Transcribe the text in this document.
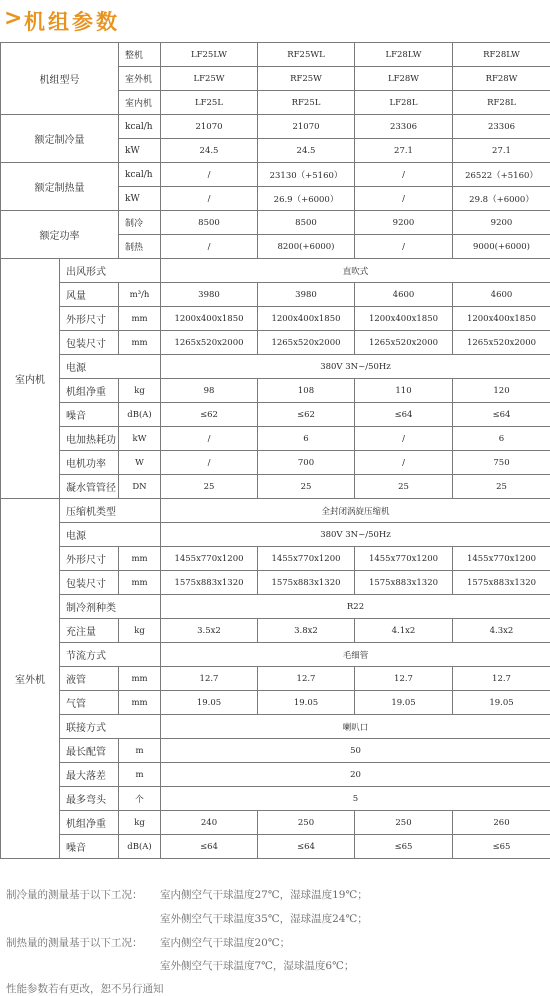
> 机组参数
机组型号		整机	LF25LW	RF25WL	LF28LW	RF28LW
		室外机	LF25W	RF25W	LF28W	RF28W
		室内机	LF25L	RF25L	LF28L	RF28L
额定制冷量		kcal/h	21070	21070	23306	23306
		kW	24.5	24.5	27.1	27.1
额定制热量		kcal/h	/	23130（+5160）	/	26522（+5160）
		kW	/	26.9（+6000）	/	29.8（+6000）
额定功率		制冷	8500	8500	9200	9200
		制热	/	8200(+6000)	/	9000(+6000)
室内机	出风形式		直吹式			
	风量	m³/h	3980	3980	4600	4600
	外形尺寸	mm	1200x400x1850	1200x400x1850	1200x400x1850	1200x400x1850
	包装尺寸	mm	1265x520x2000	1265x520x2000	1265x520x2000	1265x520x2000
	电源		380V 3N~/50Hz			
	机组净重	kg	98	108	110	120
	噪音	dB(A)	≤62	≤62	≤64	≤64
	电加热耗功	kW	/	6	/	6
	电机功率	W	/	700	/	750
	凝水管管径	DN	25	25	25	25
室外机	压缩机类型		全封闭涡旋压缩机			
	电源		380V 3N~/50Hz			
	外形尺寸	mm	1455x770x1200	1455x770x1200	1455x770x1200	1455x770x1200
	包装尺寸	mm	1575x883x1320	1575x883x1320	1575x883x1320	1575x883x1320
	制冷剂种类		R22			
	充注量	kg	3.5x2	3.8x2	4.1x2	4.3x2
	节流方式		毛细管			
	液管	mm	12.7	12.7	12.7	12.7
	气管	mm	19.05	19.05	19.05	19.05
	联接方式		喇叭口			
	最长配管	m	50			
	最大落差	m	20			
	最多弯头	个	5			
	机组净重	kg	240	250	250	260
	噪音	dB(A)	≤64	≤64	≤65	≤65
制冷量的测量基于以下工况： 室内侧空气干球温度27℃，湿球温度19℃；
室外侧空气干球温度35℃，湿球温度24℃；
制热量的测量基于以下工况： 室内侧空气干球温度20℃；
室外侧空气干球温度7℃，湿球温度6℃；
性能参数若有更改，恕不另行通知
